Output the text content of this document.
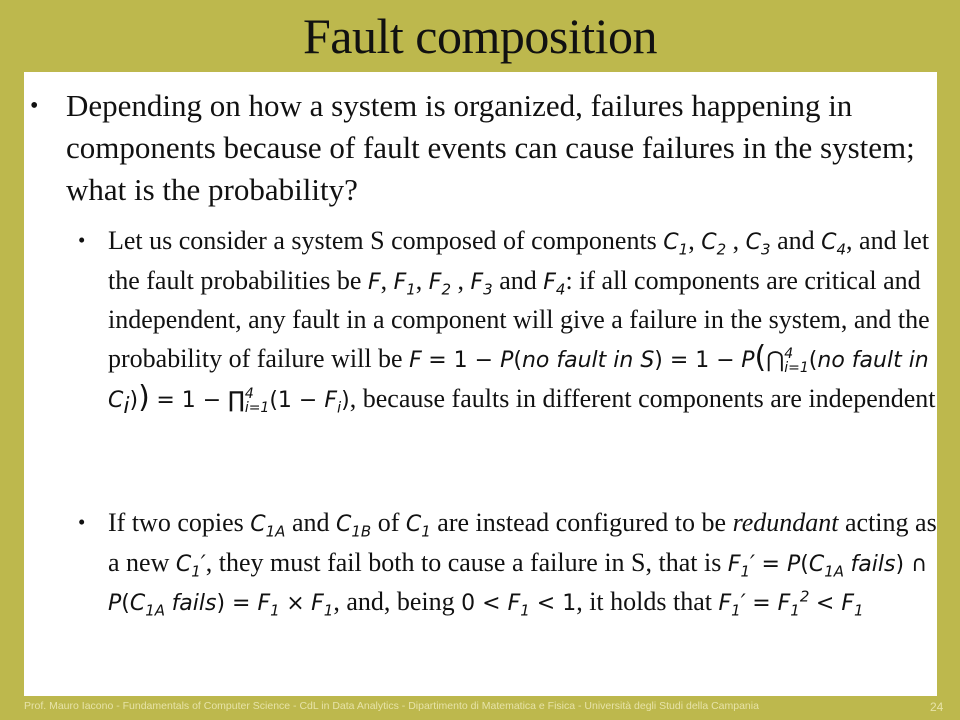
Fault composition
• Depending on how a system is organized, failures happening in components because of fault events can cause failures in the system; what is the probability?
• Let us consider a system S composed of components $C_1$, $C_2$ , $C_3$ and $C_4$, and let the fault probabilities be F, $F_1$, $F_2$ , $F_3$ and $F_4$: if all components are critical and independent, any fault in a component will give a failure in the system, and the probability of failure will be F = 1 − P(no fault in S) = 1 − P(⋂ 4
i=1 (no fault in $C_i)) = 1$ − ∏ 4
i=1 $(1 - F_i)$, because faults in different components are independent
• If two copies $C_{1A}$ and $C_{1B}$ of $C_1$ are instead configured to be redundant acting as a new $C_1'$, they must fail both to cause a failure in S, that is $F_1' = P(C_{1A}$ fails) ∩ $P(C_{1A}$ fails) = $F_1 \times F_1$, and, being $0 < F_1 < 1$, it holds that $F_1' = F_1^2 < F_1$
Prof. Mauro Iacono - Fundamentals of Computer Science - CdL in Data Analytics - Dipartimento di Matematica e Fisica - Università degli Studi della Campania	24
